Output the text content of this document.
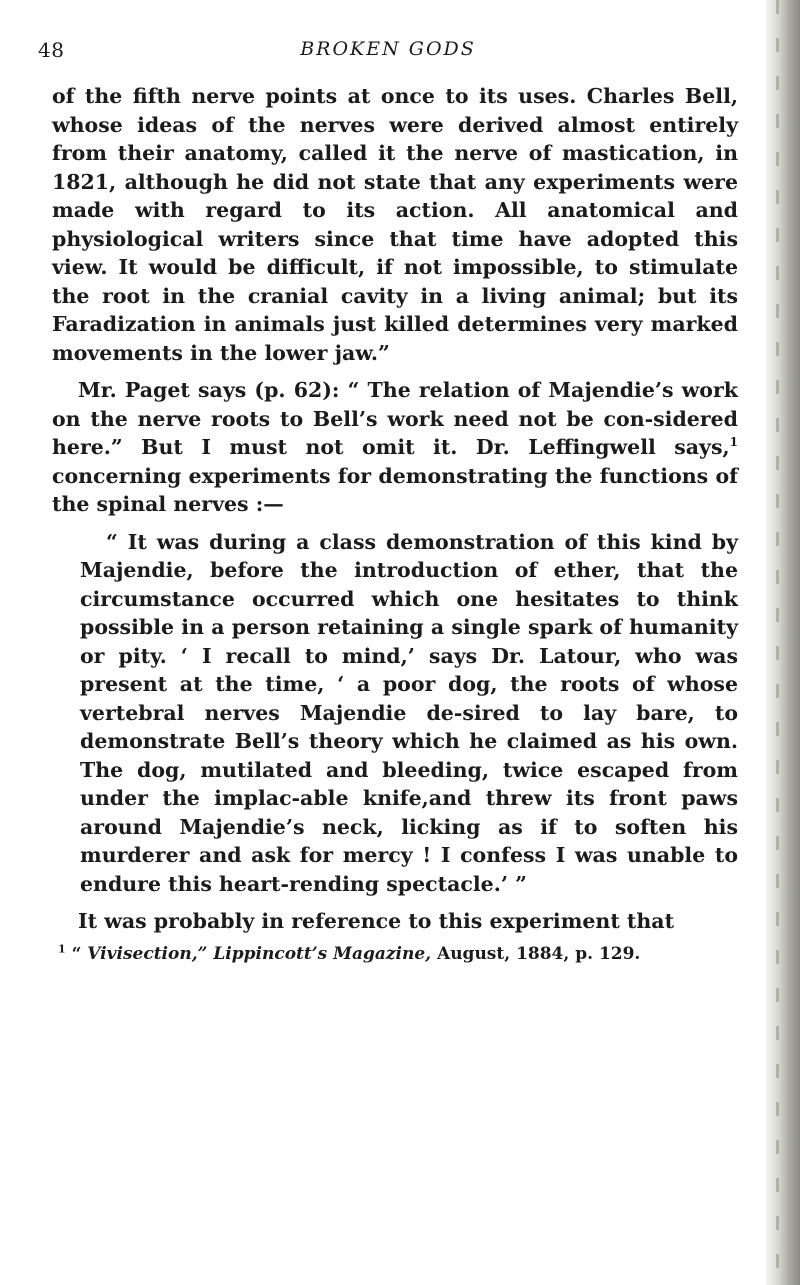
48	BROKEN GODS

of the fifth nerve points at once to its uses. Charles Bell, whose ideas of the nerves were derived almost entirely from their anatomy, called it the nerve of mastication, in 1821, although he did not state that any experiments were made with regard to its action. All anatomical and physiological writers since that time have adopted this view. It would be difficult, if not impossible, to stimulate the root in the cranial cavity in a living animal; but its Faradization in animals just killed determines very marked movements in the lower jaw.”

Mr. Paget says (p. 62): “ The relation of Majendie’s work on the nerve roots to Bell’s work need not be con-sidered here.” But I must not omit it. Dr. Leffingwell says,$^1$ concerning experiments for demonstrating the functions of the spinal nerves :—

“ It was during a class demonstration of this kind by Majendie, before the introduction of ether, that the circumstance occurred which one hesitates to think possible in a person retaining a single spark of humanity or pity. ‘ I recall to mind,’ says Dr. Latour, who was present at the time, ‘ a poor dog, the roots of whose vertebral nerves Majendie de-sired to lay bare, to demonstrate Bell’s theory which he claimed as his own. The dog, mutilated and bleeding, twice escaped from under the implac-able knife,and threw its front paws around Majendie’s neck, licking as if to soften his murderer and ask for mercy ! I confess I was unable to endure this heart-rending spectacle.’ ”

It was probably in reference to this experiment that

$^1$ “ Vivisection,” Lippincott’s Magazine, August, 1884, p. 129.
